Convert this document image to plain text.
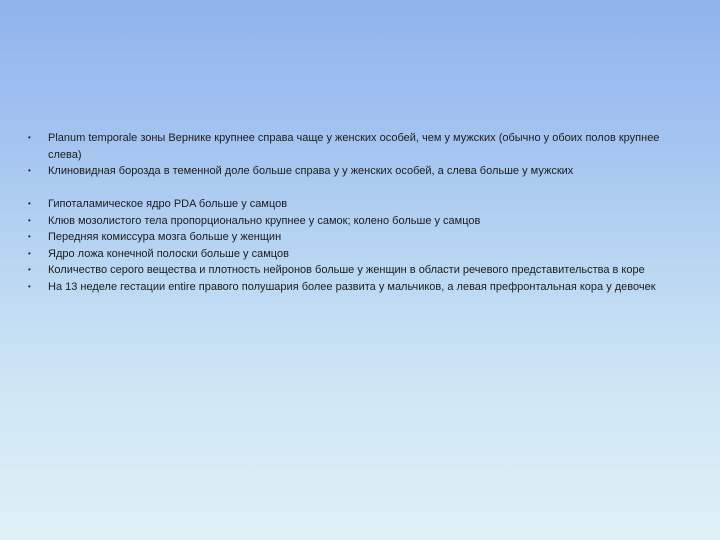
• Planum temporale зоны Вернике крупнее справа чаще у женских особей, чем у мужских (обычно у обоих полов крупнее слева)
• Клиновидная борозда в теменной доле больше справа у у женских особей, а слева больше у мужских
• Гипоталамическое ядро PDA больше у самцов
• Клюв мозолистого тела пропорционально крупнее у самок; колено больше у самцов
• Передняя комиссура мозга больше у женщин
• Ядро ложа конечной полоски больше у самцов
• Количество серого вещества и плотность нейронов больше у женщин в области речевого представительства в коре
• На 13 неделе гестации entire правого полушария более развита у мальчиков, а левая префронтальная кора у девочек
